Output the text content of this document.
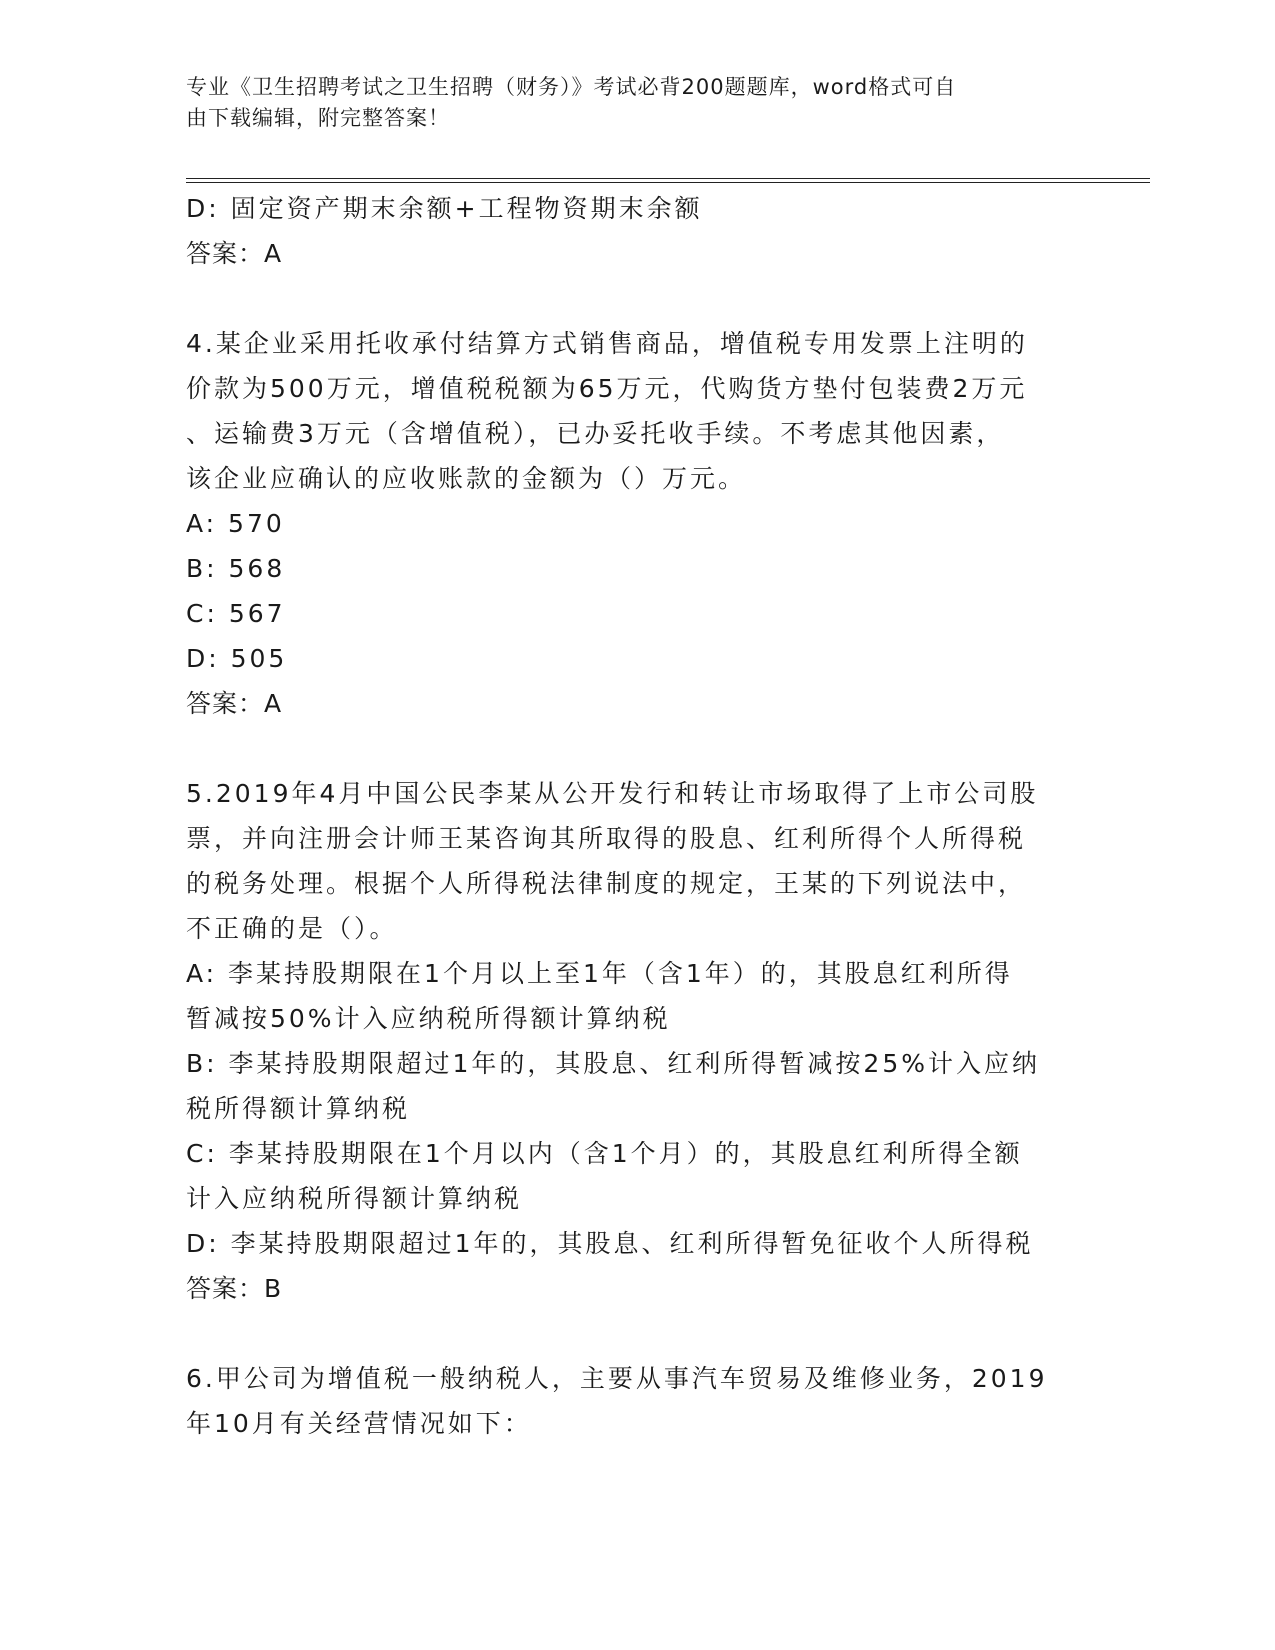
专业《卫生招聘考试之卫生招聘（财务）》考试必背200题题库，word格式可自
由下载编辑，附完整答案！
D: 固定资产期末余额+工程物资期末余额
答案：A
4.某企业采用托收承付结算方式销售商品，增值税专用发票上注明的
价款为500万元，增值税税额为65万元，代购货方垫付包装费2万元
、运输费3万元（含增值税），已办妥托收手续。不考虑其他因素，
该企业应确认的应收账款的金额为（）万元。
A: 570
B: 568
C: 567
D: 505
答案：A
5.2019年4月中国公民李某从公开发行和转让市场取得了上市公司股
票，并向注册会计师王某咨询其所取得的股息、红利所得个人所得税
的税务处理。根据个人所得税法律制度的规定，王某的下列说法中，
不正确的是（）。
A: 李某持股期限在1个月以上至1年（含1年）的，其股息红利所得
暂减按50%计入应纳税所得额计算纳税
B: 李某持股期限超过1年的，其股息、红利所得暂减按25%计入应纳
税所得额计算纳税
C: 李某持股期限在1个月以内（含1个月）的，其股息红利所得全额
计入应纳税所得额计算纳税
D: 李某持股期限超过1年的，其股息、红利所得暂免征收个人所得税
答案：B
6.甲公司为增值税一般纳税人，主要从事汽车贸易及维修业务，2019
年10月有关经营情况如下：
